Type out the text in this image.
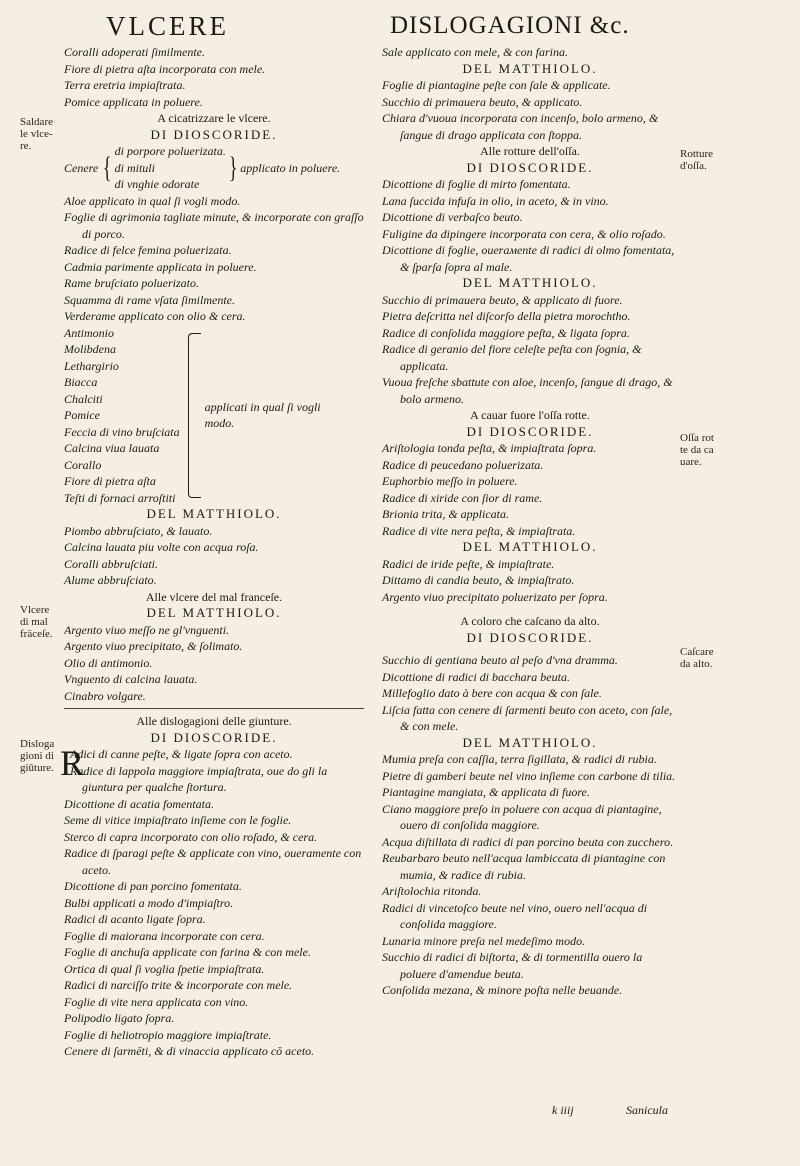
VLCERE	DISLOGAGIONI &c.
Coralli adoperati ſimilmente.
Fiore di pietra aſta incorporata con mele.
Terra eretria impiaſtrata.
Pomice applicata in poluere.
A cicatrizzare le vlcere.
DI DIOSCORIDE.
Cenere { di porpore poluerizata.
di mituli
di vnghie odorate
} applicato in poluere.
Aloe applicato in qual ſi vogli modo.
Foglie di agrimonia tagliate minute, & incorporate con graſſo di porco.
Radice di felce femina poluerizata.
Cadmia parimente applicata in poluere.
Rame bruſciato poluerizato.
Squamma di rame vſata ſimilmente.
Verderame applicato con olio & cera.
Antimonio
Molibdena
Lethargirio
Biacca
Chalciti
Pomice
Feccia di vino bruſciata
Calcina viua lauata
Corallo
Fiore di pietra aſta
Teſti di fornaci arroſtiti
applicati in qual ſi vogli
modo.
DEL MATTHIOLO.
Piombo abbruſciato, & lauato.
Calcina lauata piu volte con acqua roſa.
Coralli abbruſciati.
Alume abbruſciato.
Alle vlcere del mal franceſe.
DEL MATTHIOLO.
Argento viuo meſſo ne gl'vnguenti.
Argento viuo precipitato, & ſolimato.
Olio di antimonio.
Vnguento di calcina lauata.
Cinabro volgare.
Alle dislogagioni delle giunture.
DI DIOSCORIDE.
R
Adici di canne peſte, & ligate ſopra con aceto.
Radice di lappola maggiore impiaſtrata, oue do gli la giuntura per qualche ſtortura.
Dicottione di acatia fomentata.
Seme di vitice impiaſtrato inſieme con le foglie.
Sterco di capra incorporato con olio roſado, & cera.
Radice di ſparagi peſte & applicate con vino, oueramente con aceto.
Dicottione di pan porcino fomentata.
Bulbi applicati a modo d'impiaſtro.
Radici di acanto ligate ſopra.
Foglie di maiorana incorporate con cera.
Foglie di anchuſa applicate con farina & con mele.
Ortica di qual ſi voglia ſpetie impiaſtrata.
Radici di narciſſo trite & incorporate con mele.
Foglie di vite nera applicata con vino.
Polipodio ligato ſopra.
Foglie di heliotropio maggiore impiaſtrate.
Cenere di ſarmēti, & di vinaccia applicato cō aceto.
Sale applicato con mele, & con farina.
DEL MATTHIOLO.
Foglie di piantagine peſte con ſale & applicate.
Succhio di primauera beuto, & applicato.
Chiara d'vuoua incorporata con incenſo, bolo armeno, & ſangue di drago applicata con ſtoppa.
Alle rotture dell'oſſa.
DI DIOSCORIDE.
Dicottione di foglie di mirto fomentata.
Lana ſuccida infuſa in olio, in aceto, & in vino.
Dicottione di verbaſco beuto.
Fuligine da dipingere incorporata con cera, & olio roſado.
Dicottione di foglie, ouerамente di radici di olmo fomentata, & ſparſa ſopra al male.
DEL MATTHIOLO.
Succhio di primauera beuto, & applicato di fuore.
Pietra deſcritta nel diſcorſo della pietra morochtho.
Radice di conſolida maggiore peſta, & ligata ſopra.
Radice di geranio del fiore celeſte peſta con ſognia, & applicata.
Vuoua freſche sbattute con aloe, incenſo, ſangue di drago, & bolo armeno.
A cauar fuore l'oſſa rotte.
DI DIOSCORIDE.
Ariſtologia tonda peſta, & impiaſtrata ſopra.
Radice di peucedano poluerizata.
Euphorbio meſſo in poluere.
Radice di xiride con ſior di rame.
Brionia trita, & applicata.
Radice di vite nera peſta, & impiaſtrata.
DEL MATTHIOLO.
Radici de iride peſte, & impiaſtrate.
Dittamo di candia beuto, & impiaſtrato.
Argento viuo precipitato poluerizato per ſopra.
A coloro che caſcano da alto.
DI DIOSCORIDE.
Succhio di gentiana beuto al peſo d'vna dramma.
Dicottione di radici di bacchara beuta.
Millefoglio dato à bere con acqua & con ſale.
Liſcia fatta con cenere di ſarmenti beuto con aceto, con ſale, & con mele.
DEL MATTHIOLO.
Mumia preſa con caſſia, terra ſigillata, & radici di rubia.
Pietre di gamberi beute nel vino inſieme con carbone di tilia.
Piantagine mangiata, & applicata di fuore.
Ciano maggiore preſo in poluere con acqua di piantagine, ouero di conſolida maggiore.
Acqua diſtillata di radici di pan porcino beuta con zucchero.
Reubarbaro beuto nell'acqua lambiccata di piantagine con mumia, & radice di rubia.
Ariſtolochia ritonda.
Radici di vincetoſco beute nel vino, ouero nell'acqua di conſolida maggiore.
Lunaria minore preſa nel medeſimo modo.
Succhio di radici di biſtorta, & di tormentilla ouero la poluere d'amendue beuta.
Conſolida mezana, & minore poſta nelle beuande.
Saldare
le vlce-
re.
Vlcere
di mal
fräceſe.
Disloga
gioni di
giūture.
Rotture
d'oſſa.
Oſſa rot
te da ca
uare.
Caſcare
da alto.
k iiij	Sanicula
